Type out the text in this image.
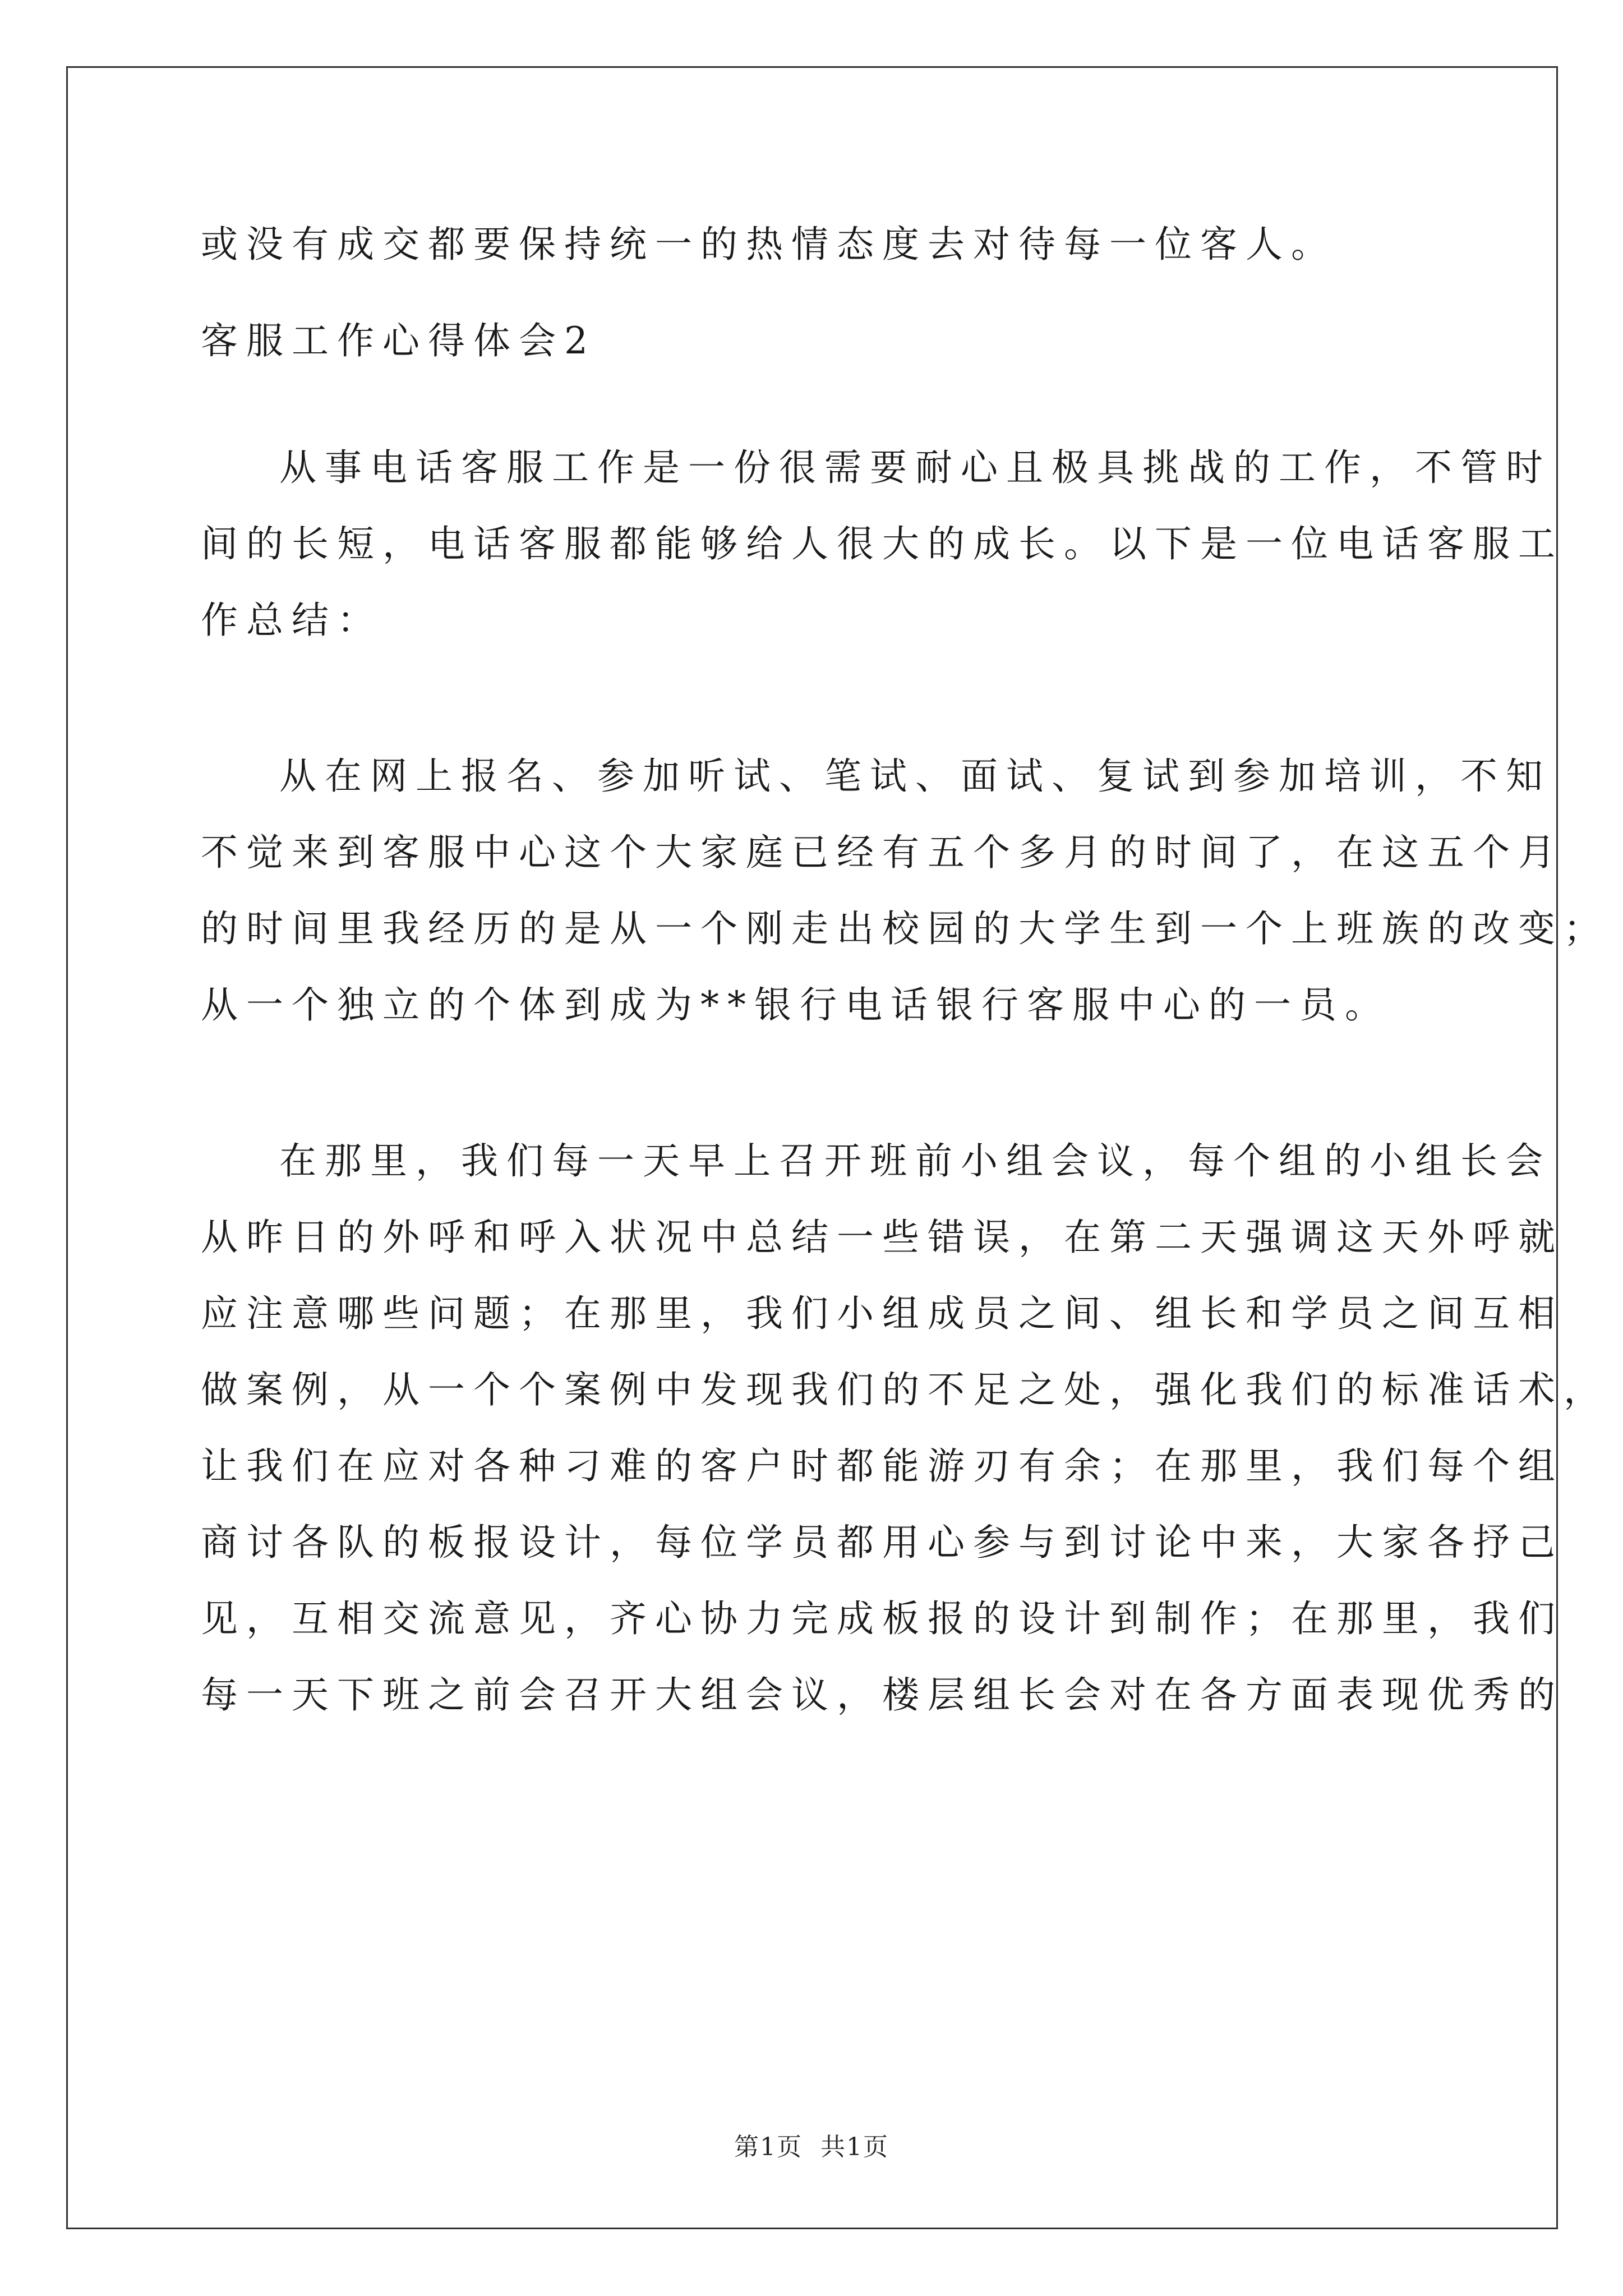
或没有成交都要保持统一的热情态度去对待每一位客人。
客服工作心得体会2
从事电话客服工作是一份很需要耐心且极具挑战的工作，不管时
间的长短，电话客服都能够给人很大的成长。以下是一位电话客服工
作总结：
从在网上报名、参加听试、笔试、面试、复试到参加培训，不知
不觉来到客服中心这个大家庭已经有五个多月的时间了，在这五个月
的时间里我经历的是从一个刚走出校园的大学生到一个上班族的改变；
从一个独立的个体到成为**银行电话银行客服中心的一员。
在那里，我们每一天早上召开班前小组会议，每个组的小组长会
从昨日的外呼和呼入状况中总结一些错误，在第二天强调这天外呼就
应注意哪些问题；在那里，我们小组成员之间、组长和学员之间互相
做案例，从一个个案例中发现我们的不足之处，强化我们的标准话术，
让我们在应对各种刁难的客户时都能游刃有余；在那里，我们每个组
商讨各队的板报设计，每位学员都用心参与到讨论中来，大家各抒己
见，互相交流意见，齐心协力完成板报的设计到制作；在那里，我们
每一天下班之前会召开大组会议，楼层组长会对在各方面表现优秀的
第1页 共1页
